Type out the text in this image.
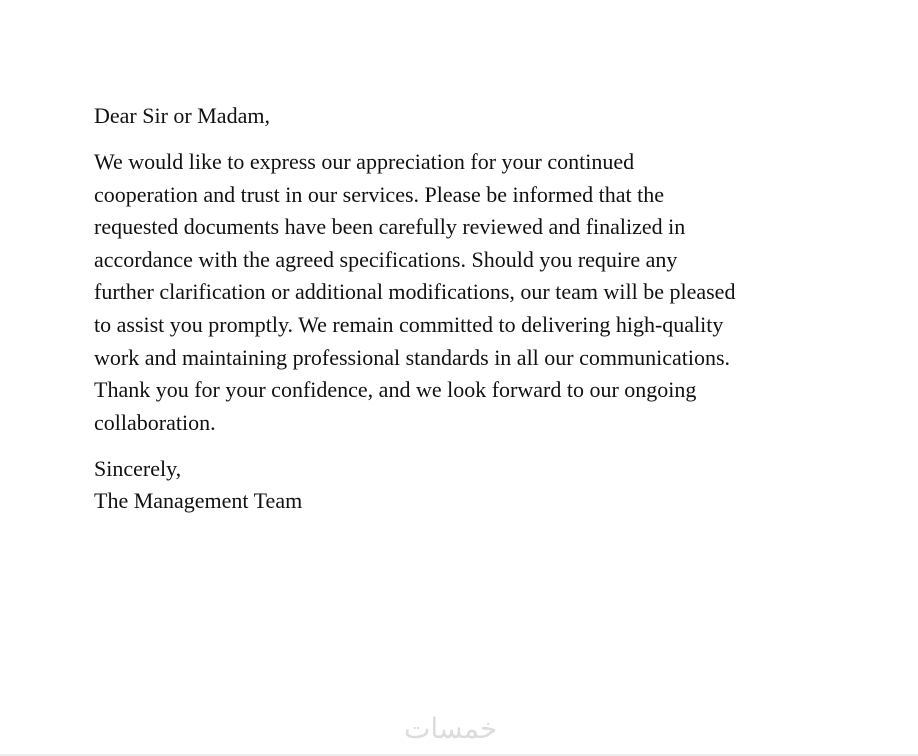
Dear Sir or Madam,

We would like to express our appreciation for your continued
cooperation and trust in our services. Please be informed that the
requested documents have been carefully reviewed and finalized in
accordance with the agreed specifications. Should you require any
further clarification or additional modifications, our team will be pleased
to assist you promptly. We remain committed to delivering high-quality
work and maintaining professional standards in all our communications.
Thank you for your confidence, and we look forward to our ongoing
collaboration.

Sincerely,
The Management Team

خمسات
